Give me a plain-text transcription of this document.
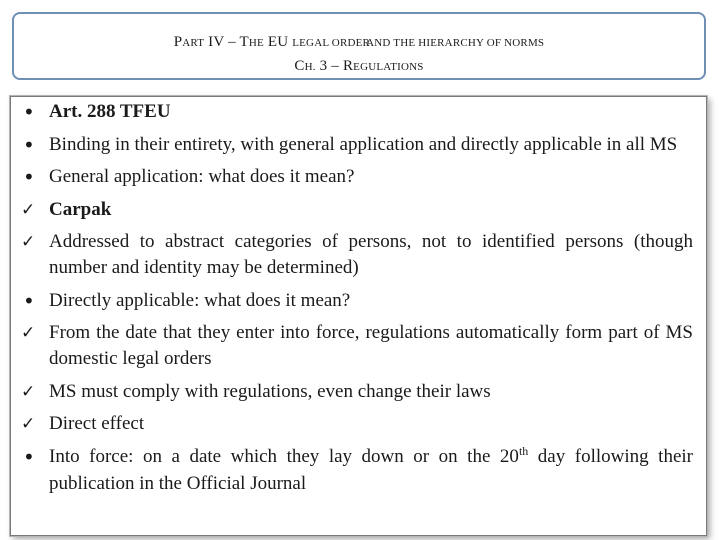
PART IV – THE EU LEGAL ORDERAND THE HIERARCHY OF NORMS
CH. 3 – REGULATIONS
• Art. 288 TFEU
• Binding in their entirety, with general application and directly applicable in all MS
• General application: what does it mean?
✓ Carpak
✓ Addressed to abstract categories of persons, not to identified persons (though number and identity may be determined)
• Directly applicable: what does it mean?
✓ From the date that they enter into force, regulations automatically form part of MS domestic legal orders
✓ MS must comply with regulations, even change their laws
✓ Direct effect
• Into force: on a date which they lay down or on the 20th day following their publication in the Official Journal
